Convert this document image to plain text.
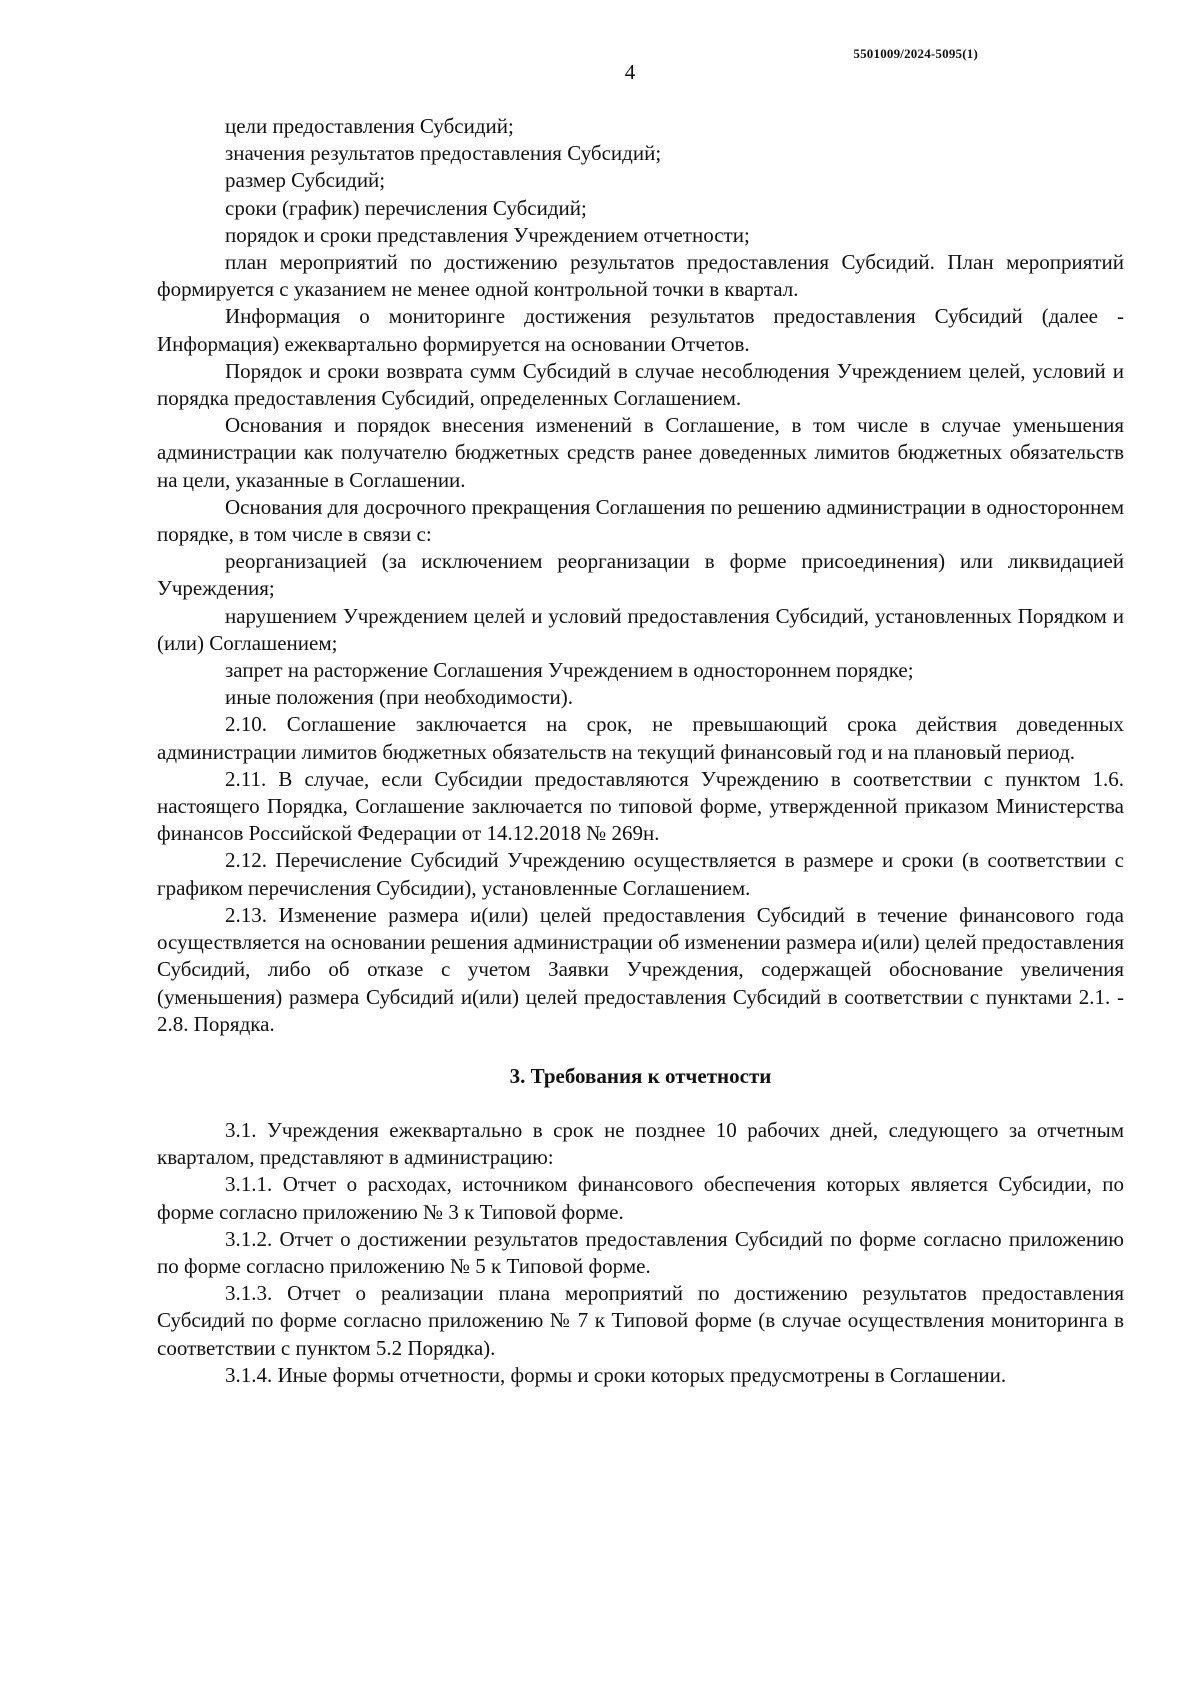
5501009/2024-5095(1)
4

цели предоставления Субсидий;

значения результатов предоставления Субсидий;

размер Субсидий;

сроки (график) перечисления Субсидий;

порядок и сроки представления Учреждением отчетности;

план мероприятий по достижению результатов предоставления Субсидий. План мероприятий формируется с указанием не менее одной контрольной точки в квартал.

Информация о мониторинге достижения результатов предоставления Субсидий (далее - Информация) ежеквартально формируется на основании Отчетов.

Порядок и сроки возврата сумм Субсидий в случае несоблюдения Учреждением целей, условий и порядка предоставления Субсидий, определенных Соглашением.

Основания и порядок внесения изменений в Соглашение, в том числе в случае уменьшения администрации как получателю бюджетных средств ранее доведенных лимитов бюджетных обязательств на цели, указанные в Соглашении.

Основания для досрочного прекращения Соглашения по решению администрации в одностороннем порядке, в том числе в связи с:

реорганизацией (за исключением реорганизации в форме присоединения) или ликвидацией Учреждения;

нарушением Учреждением целей и условий предоставления Субсидий, установленных Порядком и (или) Соглашением;

запрет на расторжение Соглашения Учреждением в одностороннем порядке;

иные положения (при необходимости).

2.10. Соглашение заключается на срок, не превышающий срока действия доведенных администрации лимитов бюджетных обязательств на текущий финансовый год и на плановый период.

2.11. В случае, если Субсидии предоставляются Учреждению в соответствии с пунктом 1.6. настоящего Порядка, Соглашение заключается по типовой форме, утвержденной приказом Министерства финансов Российской Федерации от 14.12.2018 № 269н.

2.12. Перечисление Субсидий Учреждению осуществляется в размере и сроки (в соответствии с графиком перечисления Субсидии), установленные Соглашением.

2.13. Изменение размера и(или) целей предоставления Субсидий в течение финансового года осуществляется на основании решения администрации об изменении размера и(или) целей предоставления Субсидий, либо об отказе с учетом Заявки Учреждения, содержащей обоснование увеличения (уменьшения) размера Субсидий и(или) целей предоставления Субсидий в соответствии с пунктами 2.1. - 2.8. Порядка.

3. Требования к отчетности

3.1. Учреждения ежеквартально в срок не позднее 10 рабочих дней, следующего за отчетным кварталом, представляют в администрацию:

3.1.1. Отчет о расходах, источником финансового обеспечения которых является Субсидии, по форме согласно приложению № 3 к Типовой форме.

3.1.2. Отчет о достижении результатов предоставления Субсидий по форме согласно приложению по форме согласно приложению № 5 к Типовой форме.

3.1.3. Отчет о реализации плана мероприятий по достижению результатов предоставления Субсидий по форме согласно приложению № 7 к Типовой форме (в случае осуществления мониторинга в соответствии с пунктом 5.2 Порядка).

3.1.4. Иные формы отчетности, формы и сроки которых предусмотрены в Соглашении.
